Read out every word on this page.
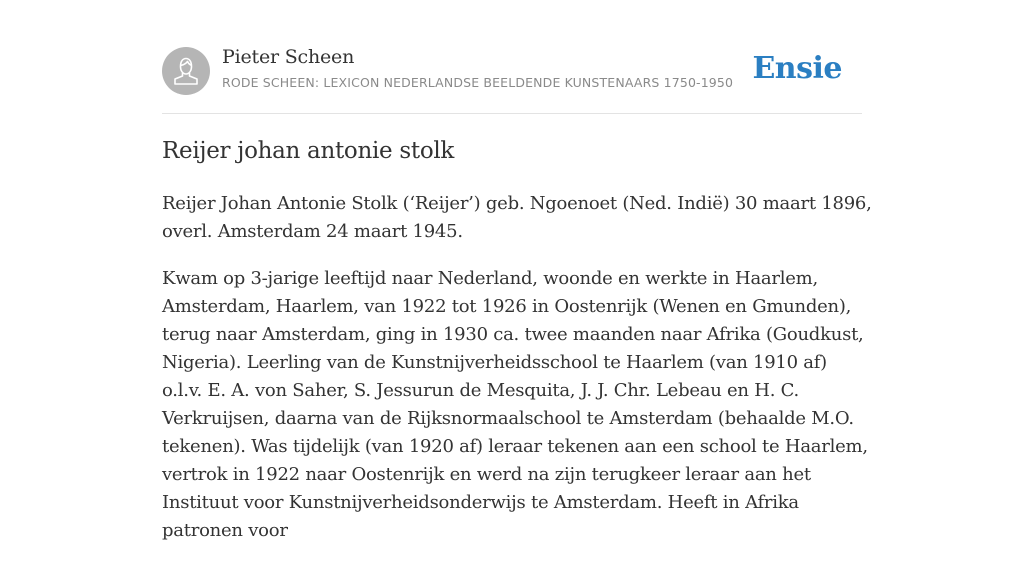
Pieter Scheen
RODE SCHEEN: LEXICON NEDERLANDSE BEELDENDE KUNSTENAARS 1750-1950 Ensie
Reijer johan antonie stolk

Reijer Johan Antonie Stolk (‘Reijer’) geb. Ngoenoet (Ned. Indië) 30 maart 1896, overl. Amsterdam 24 maart 1945.

Kwam op 3-jarige leeftijd naar Nederland, woonde en werkte in Haarlem, Amsterdam, Haarlem, van 1922 tot 1926 in Oostenrijk (Wenen en Gmunden), terug naar Amsterdam, ging in 1930 ca. twee maanden naar Afrika (Goudkust, Nigeria). Leerling van de Kunstnijverheidsschool te Haarlem (van 1910 af) o.l.v. E. A. von Saher, S. Jessurun de Mesquita, J. J. Chr. Lebeau en H. C. Verkruijsen, daarna van de Rijksnormaalschool te Amsterdam (behaalde M.O. tekenen). Was tijdelijk (van 1920 af) leraar tekenen aan een school te Haarlem, vertrok in 1922 naar Oostenrijk en werd na zijn terugkeer leraar aan het Instituut voor Kunstnijverheidsonderwijs te Amsterdam. Heeft in Afrika patronen voor
